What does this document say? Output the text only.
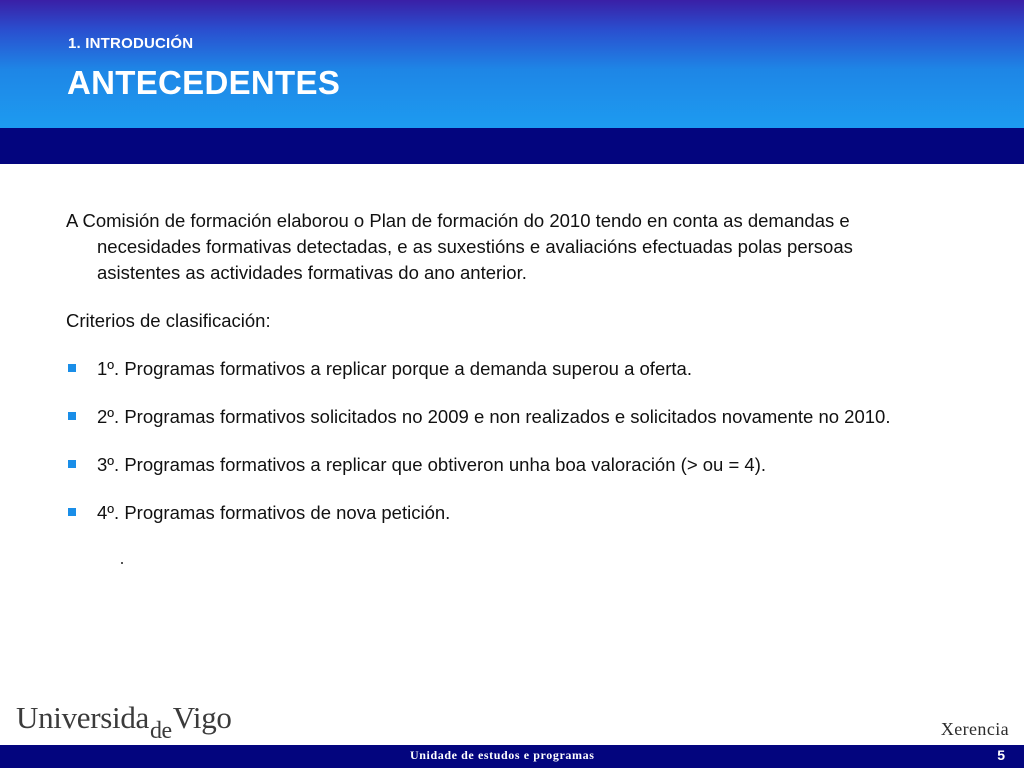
1. INTRODUCIÓN
ANTECEDENTES

A Comisión de formación elaborou o Plan de formación do 2010 tendo en conta as demandas e necesidades formativas detectadas, e as suxestións e avaliacións efectuadas polas persoas asistentes as actividades formativas do ano anterior.

Criterios de clasificación:

1º. Programas formativos a replicar porque a demanda superou a oferta.
2º. Programas formativos solicitados no 2009 e non realizados e solicitados novamente no 2010.
3º. Programas formativos a replicar que obtiveron unha boa valoración (> ou = 4).
4º. Programas formativos de nova petición.
UniversidadeVigo	Xerencia
Unidade de estudos e programas	5
